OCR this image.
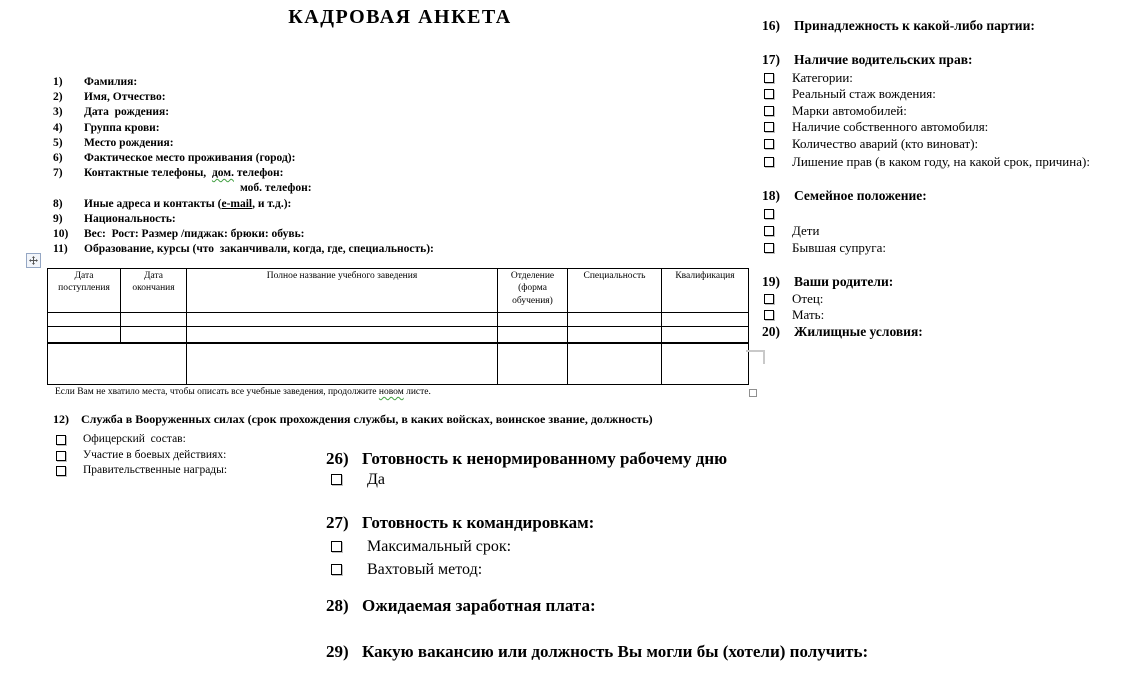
КАДРОВАЯ АНКЕТА
1)	Фамилия:
2)	Имя, Отчество:
3)	Дата  рождения:
4)	Группа крови:
5)	Место рождения:
6)	Фактическое место проживания (город):
7)	Контактные телефоны,  дом. телефон:
моб. телефон:
8)	Иные адреса и контакты (e-mail, и т.д.):
9)	Национальность:
10)	Вес:  Рост: Размер /пиджак: брюки: обувь:
11)	Образование, курсы (что  заканчивали, когда, где, специальность):
Дата поступления	Дата окончания	Полное название учебного заведения	Отделение (форма обучения)	Специальность	Квалификация

Если Вам не хватило места, чтобы описать все учебные заведения, продолжите новом листе.
12)	Служба в Вооруженных силах (срок прохождения службы, в каких войсках, воинское звание, должность)
Офицерский  состав:
Участие в боевых действиях:
Правительственные награды:
26) Готовность к ненормированному рабочему дню
Да
27) Готовность к командировкам:
Максимальный срок:
Вахтовый метод:
28) Ожидаемая заработная плата:
29) Какую вакансию или должность Вы могли бы (хотели) получить:
16)	Принадлежность к какой-либо партии:
17)	Наличие водительских прав:
Категории:
Реальный стаж вождения:
Марки автомобилей:
Наличие собственного автомобиля:
Количество аварий (кто виноват):
Лишение прав (в каком году, на какой срок, причина):
18)	Семейное положение:
Дети
Бывшая супруга:
19)	Ваши родители:
Отец:
Мать:
20)	Жилищные условия:
